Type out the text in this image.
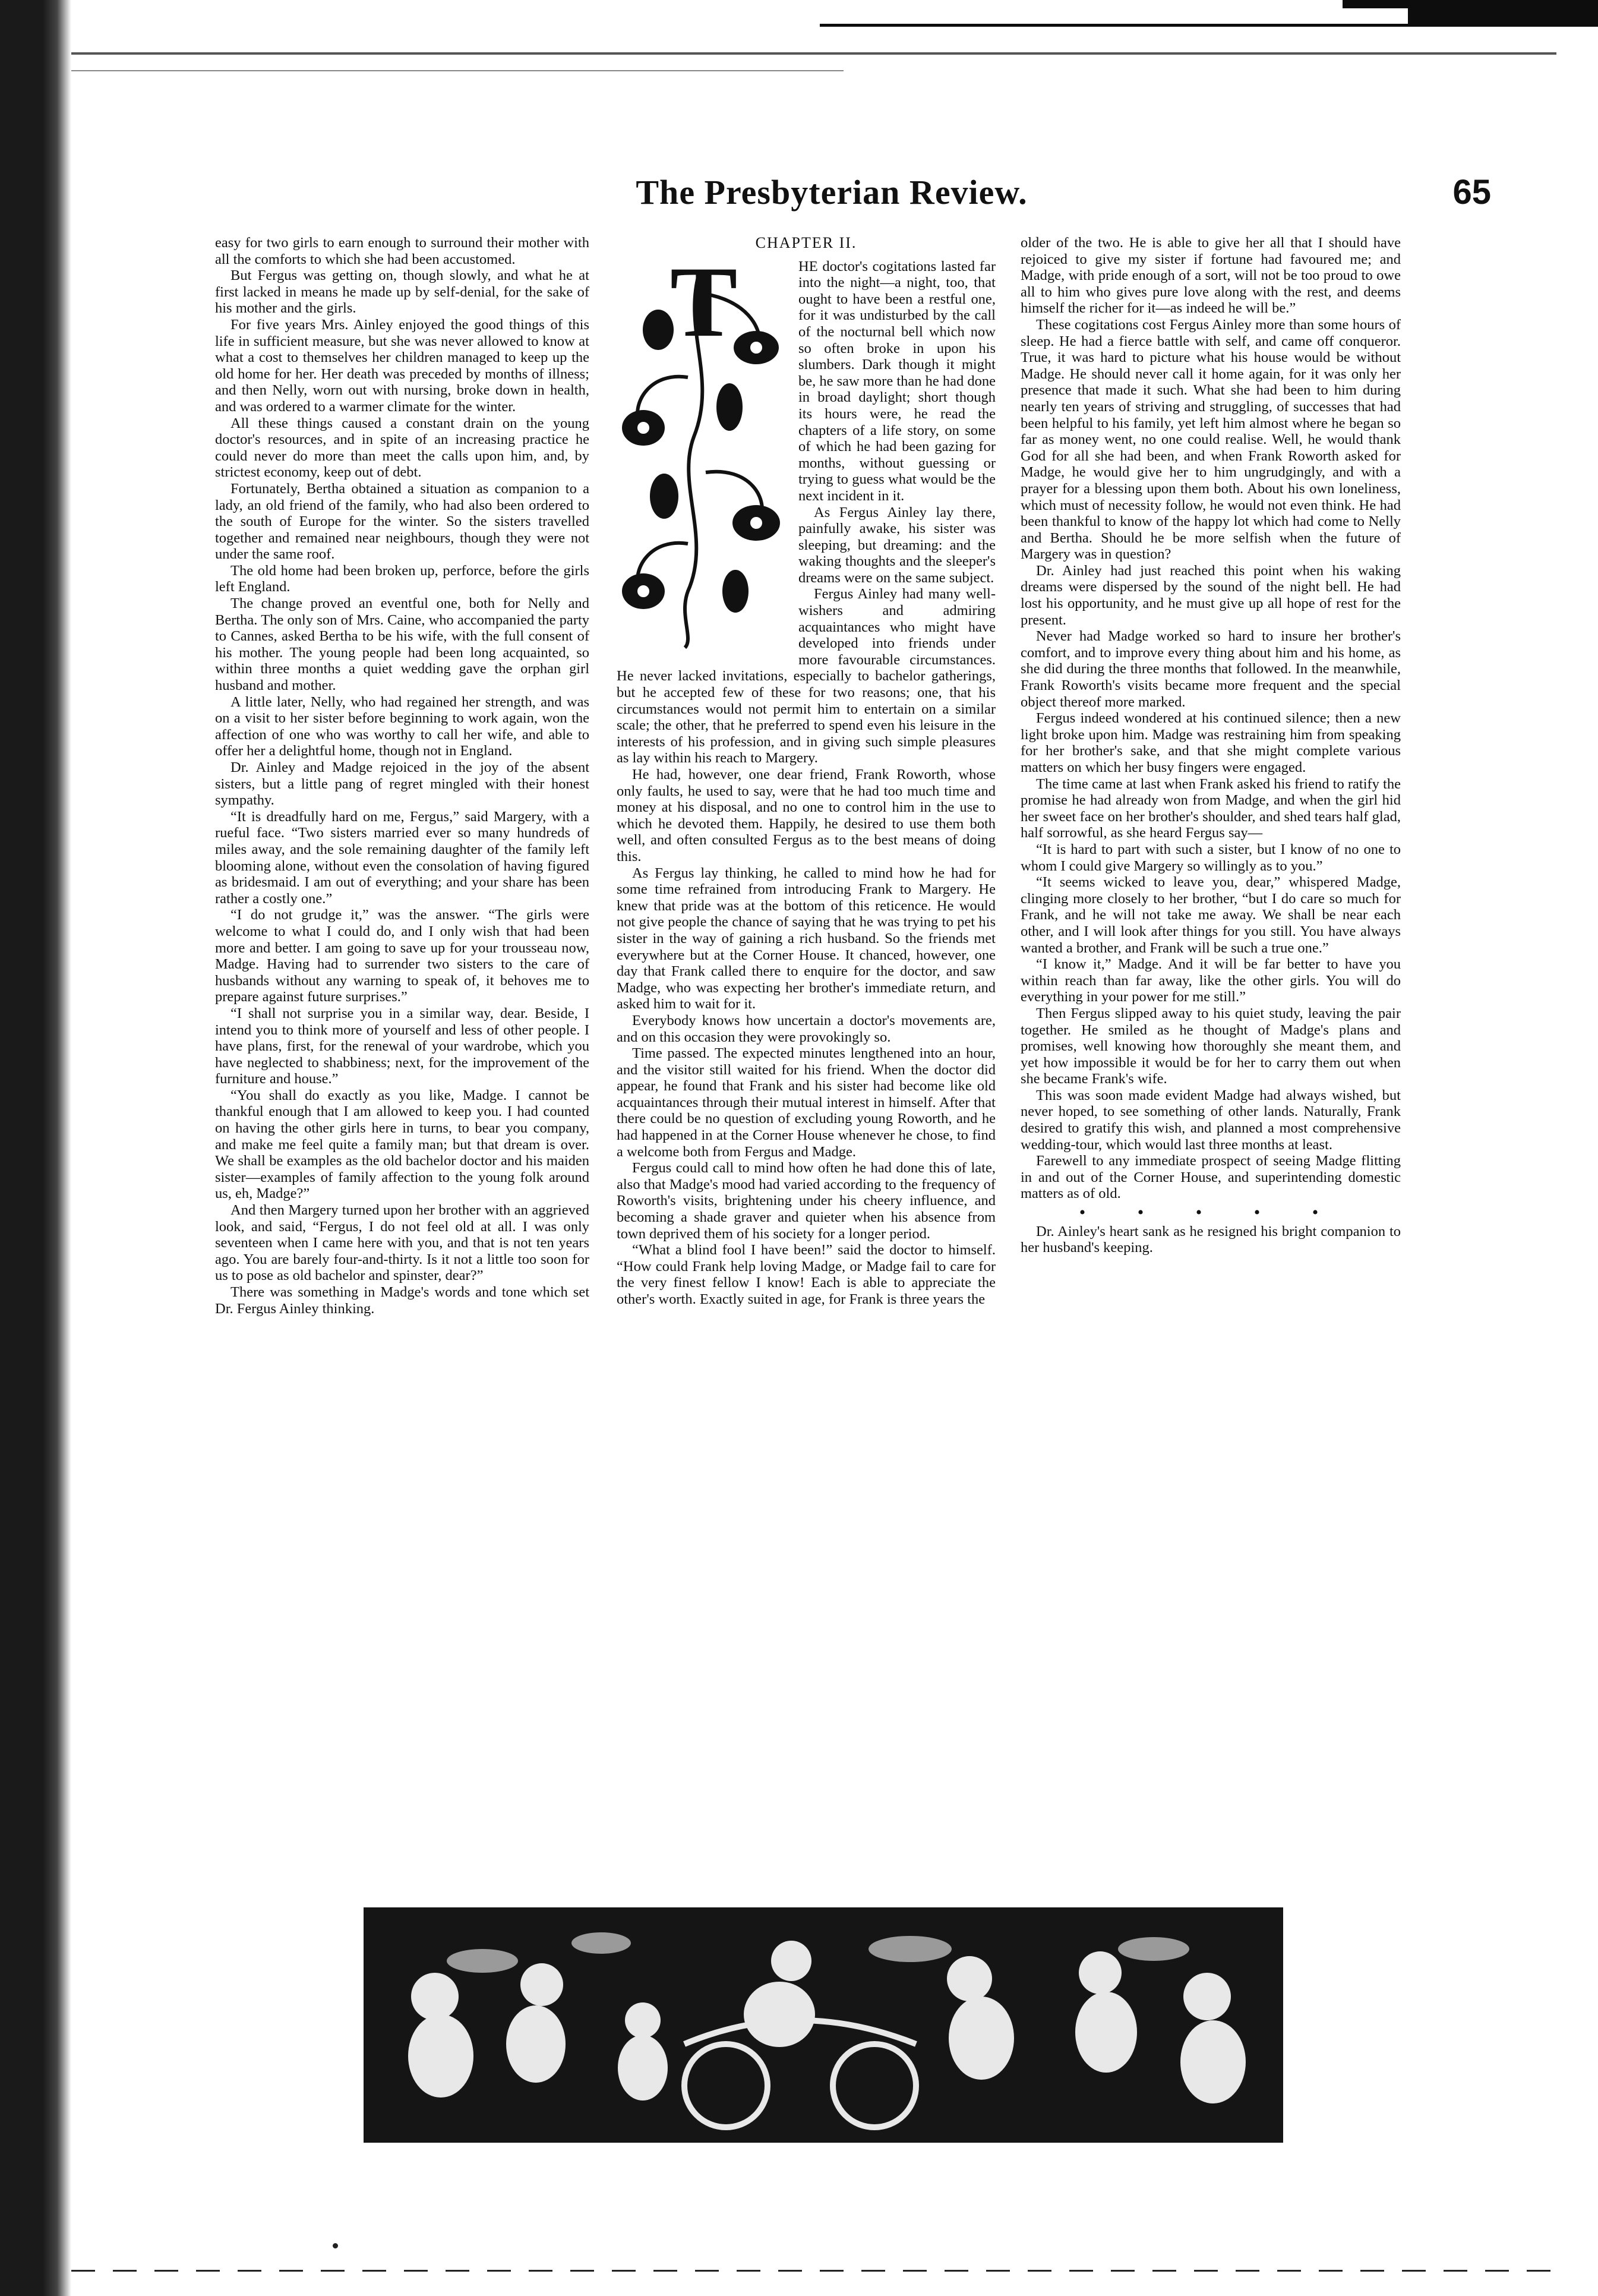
The Presbyterian Review.	65

easy for two girls to earn enough to surround their mother with all the comforts to which she had been accustomed.

But Fergus was getting on, though slowly, and what he at first lacked in means he made up by self-denial, for the sake of his mother and the girls.

For five years Mrs. Ainley enjoyed the good things of this life in sufficient measure, but she was never allowed to know at what a cost to themselves her children managed to keep up the old home for her. Her death was preceded by months of illness; and then Nelly, worn out with nursing, broke down in health, and was ordered to a warmer climate for the winter.

All these things caused a constant drain on the young doctor's resources, and in spite of an increasing practice he could never do more than meet the calls upon him, and, by strictest economy, keep out of debt.

Fortunately, Bertha obtained a situation as companion to a lady, an old friend of the family, who had also been ordered to the south of Europe for the winter. So the sisters travelled together and remained near neighbours, though they were not under the same roof.

The old home had been broken up, perforce, before the girls left England.

The change proved an eventful one, both for Nelly and Bertha. The only son of Mrs. Caine, who accompanied the party to Cannes, asked Bertha to be his wife, with the full consent of his mother. The young people had been long acquainted, so within three months a quiet wedding gave the orphan girl husband and mother.

A little later, Nelly, who had regained her strength, and was on a visit to her sister before beginning to work again, won the affection of one who was worthy to call her wife, and able to offer her a delightful home, though not in England.

Dr. Ainley and Madge rejoiced in the joy of the absent sisters, but a little pang of regret mingled with their honest sympathy.

“It is dreadfully hard on me, Fergus,” said Margery, with a rueful face. “Two sisters married ever so many hundreds of miles away, and the sole remaining daughter of the family left blooming alone, without even the consolation of having figured as bridesmaid. I am out of everything; and your share has been rather a costly one.”

“I do not grudge it,” was the answer. “The girls were welcome to what I could do, and I only wish that had been more and better. I am going to save up for your trousseau now, Madge. Having had to surrender two sisters to the care of husbands without any warning to speak of, it behoves me to prepare against future surprises.”

“I shall not surprise you in a similar way, dear. Beside, I intend you to think more of yourself and less of other people. I have plans, first, for the renewal of your wardrobe, which you have neglected to shabbiness; next, for the improvement of the furniture and house.”

“You shall do exactly as you like, Madge. I cannot be thankful enough that I am allowed to keep you. I had counted on having the other girls here in turns, to bear you company, and make me feel quite a family man; but that dream is over. We shall be examples as the old bachelor doctor and his maiden sister—examples of family affection to the young folk around us, eh, Madge?”

And then Margery turned upon her brother with an aggrieved look, and said, “Fergus, I do not feel old at all. I was only seventeen when I came here with you, and that is not ten years ago. You are barely four-and-thirty. Is it not a little too soon for us to pose as old bachelor and spinster, dear?”

There was something in Madge's words and tone which set Dr. Fergus Ainley thinking.

CHAPTER II.
T	HE doctor's cogitations lasted far into the night—a night, too, that ought to have been a restful one, for it was undisturbed by the call of the nocturnal bell which now so often broke in upon his slumbers. Dark though it might be, he saw more than he had done in broad daylight; short though its hours were, he read the chapters of a life story, on some of which he had been gazing for months, without guessing or trying to guess what would be the next incident in it.

As Fergus Ainley lay there, painfully awake, his sister was sleeping, but dreaming: and the waking thoughts and the sleeper's dreams were on the same subject.

Fergus Ainley had many well-wishers and admiring acquaintances who might have developed into friends under more favourable circumstances. He never lacked invitations, especially to bachelor gatherings, but he accepted few of these for two reasons; one, that his circumstances would not permit him to entertain on a similar scale; the other, that he preferred to spend even his leisure in the interests of his profession, and in giving such simple pleasures as lay within his reach to Margery.

He had, however, one dear friend, Frank Roworth, whose only faults, he used to say, were that he had too much time and money at his disposal, and no one to control him in the use to which he devoted them. Happily, he desired to use them both well, and often consulted Fergus as to the best means of doing this.

As Fergus lay thinking, he called to mind how he had for some time refrained from introducing Frank to Margery. He knew that pride was at the bottom of this reticence. He would not give people the chance of saying that he was trying to pet his sister in the way of gaining a rich husband. So the friends met everywhere but at the Corner House. It chanced, however, one day that Frank called there to enquire for the doctor, and saw Madge, who was expecting her brother's immediate return, and asked him to wait for it.

Everybody knows how uncertain a doctor's movements are, and on this occasion they were provokingly so.

Time passed. The expected minutes lengthened into an hour, and the visitor still waited for his friend. When the doctor did appear, he found that Frank and his sister had become like old acquaintances through their mutual interest in himself. After that there could be no question of excluding young Roworth, and he had happened in at the Corner House whenever he chose, to find a welcome both from Fergus and Madge.

Fergus could call to mind how often he had done this of late, also that Madge's mood had varied according to the frequency of Roworth's visits, brightening under his cheery influence, and becoming a shade graver and quieter when his absence from town deprived them of his society for a longer period.

“What a blind fool I have been!” said the doctor to himself. “How could Frank help loving Madge, or Madge fail to care for the very finest fellow I know! Each is able to appreciate the other's worth. Exactly suited in age, for Frank is three years the

older of the two. He is able to give her all that I should have rejoiced to give my sister if fortune had favoured me; and Madge, with pride enough of a sort, will not be too proud to owe all to him who gives pure love along with the rest, and deems himself the richer for it—as indeed he will be.”

These cogitations cost Fergus Ainley more than some hours of sleep. He had a fierce battle with self, and came off conqueror. True, it was hard to picture what his house would be without Madge. He should never call it home again, for it was only her presence that made it such. What she had been to him during nearly ten years of striving and struggling, of successes that had been helpful to his family, yet left him almost where he began so far as money went, no one could realise. Well, he would thank God for all she had been, and when Frank Roworth asked for Madge, he would give her to him ungrudgingly, and with a prayer for a blessing upon them both. About his own loneliness, which must of necessity follow, he would not even think. He had been thankful to know of the happy lot which had come to Nelly and Bertha. Should he be more selfish when the future of Margery was in question?

Dr. Ainley had just reached this point when his waking dreams were dispersed by the sound of the night bell. He had lost his opportunity, and he must give up all hope of rest for the present.

Never had Madge worked so hard to insure her brother's comfort, and to improve every thing about him and his home, as she did during the three months that followed. In the meanwhile, Frank Roworth's visits became more frequent and the special object thereof more marked.

Fergus indeed wondered at his continued silence; then a new light broke upon him. Madge was restraining him from speaking for her brother's sake, and that she might complete various matters on which her busy fingers were engaged.

The time came at last when Frank asked his friend to ratify the promise he had already won from Madge, and when the girl hid her sweet face on her brother's shoulder, and shed tears half glad, half sorrowful, as she heard Fergus say—

“It is hard to part with such a sister, but I know of no one to whom I could give Margery so willingly as to you.”

“It seems wicked to leave you, dear,” whispered Madge, clinging more closely to her brother, “but I do care so much for Frank, and he will not take me away. We shall be near each other, and I will look after things for you still. You have always wanted a brother, and Frank will be such a true one.”

“I know it,” Madge. And it will be far better to have you within reach than far away, like the other girls. You will do everything in your power for me still.”

Then Fergus slipped away to his quiet study, leaving the pair together. He smiled as he thought of Madge's plans and promises, well knowing how thoroughly she meant them, and yet how impossible it would be for her to carry them out when she became Frank's wife.

This was soon made evident Madge had always wished, but never hoped, to see something of other lands. Naturally, Frank desired to gratify this wish, and planned a most comprehensive wedding-tour, which would last three months at least.

Farewell to any immediate prospect of seeing Madge flitting in and out of the Corner House, and superintending domestic matters as of old.

• • • • •

Dr. Ainley's heart sank as he resigned his bright companion to her husband's keeping.
